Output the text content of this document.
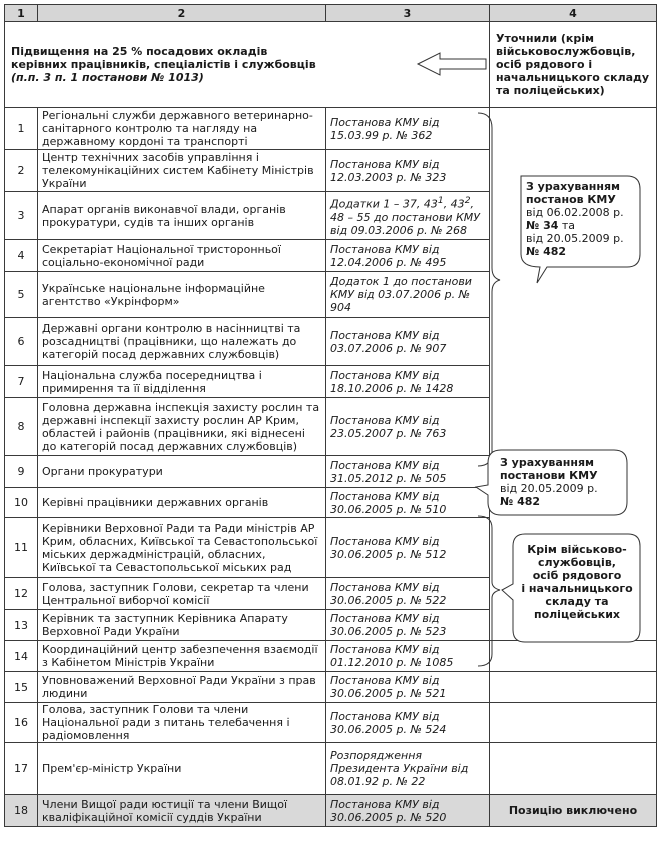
1	2	3	4

Підвищення на 25 % посадових окладів керівних працівників, спеціалістів і службовців
(п.п. 3 п. 1 постанови № 1013)			Уточнили (крім військовослужбовців, осіб рядового і начальницького складу та поліцейських)
1	Регіональні служби державного ветеринарно-санітарного контролю та нагляду на державному кордоні та транспорті	Постанова КМУ від 15.03.99 р. № 362	
2	Центр технічних засобів управління і телекомунікаційних систем Кабінету Міністрів України	Постанова КМУ від 12.03.2003 р. № 323	
3	Апарат органів виконавчої влади, органів прокуратури, судів та інших органів	Додатки 1 – 37, $43^1$, $43^2$, 48 – 55 до постанови КМУ від 09.03.2006 р. № 268	
4	Секретаріат Національної тристоронньої соціально-економічної ради	Постанова КМУ від 12.04.2006 р. № 495	
5	Українське національне інформаційне агентство «Укрінформ»	Додаток 1 до постанови КМУ від 03.07.2006 р. № 904	
6	Державні органи контролю в насінництві та розсадництві (працівники, що належать до категорій посад державних службовців)	Постанова КМУ від 03.07.2006 р. № 907	
7	Національна служба посередництва і примирення та її відділення	Постанова КМУ від 18.10.2006 р. № 1428	
8	Головна державна інспекція захисту рослин та державні інспекції захисту рослин АР Крим, областей і районів (працівники, які віднесені до категорій посад державних службовців)	Постанова КМУ від 23.05.2007 р. № 763	
9	Органи прокуратури	Постанова КМУ від 31.05.2012 р. № 505	
10	Керівні працівники державних органів	Постанова КМУ від 30.06.2005 р. № 510	
11	Керівники Верховної Ради та Ради міністрів АР Крим, обласних, Київської та Севастопольської міських держадміністрацій, обласних, Київської та Севастопольської міських рад	Постанова КМУ від 30.06.2005 р. № 512	
12	Голова, заступник Голови, секретар та члени Центральної виборчої комісії	Постанова КМУ від 30.06.2005 р. № 522	
13	Керівник та заступник Керівника Апарату Верховної Ради України	Постанова КМУ від 30.06.2005 р. № 523	
14	Координаційний центр забезпечення взаємодії з Кабінетом Міністрів України	Постанова КМУ від 01.12.2010 р. № 1085	
15	Уповноважений Верховної Ради України з прав людини	Постанова КМУ від 30.06.2005 р. № 521	
16	Голова, заступник Голови та члени Національної ради з питань телебачення і радіомовлення	Постанова КМУ від 30.06.2005 р. № 524	
17	Прем'єр-міністр України	Розпорядження Президента України від 08.01.92 р. № 22	
18	Члени Вищої ради юстиції та члени Вищої кваліфікаційної комісії суддів України	Постанова КМУ від 30.06.2005 р. № 520	Позицію виключено
З урахуванням
постанов КМУ
від 06.02.2008 р.
№ 34 та
від 20.05.2009 р.
№ 482
З урахуванням
постанови КМУ
від 20.05.2009 р.
№ 482
Крім військово-
службовців,
осіб рядового
і начальницького
складу та
поліцейських
